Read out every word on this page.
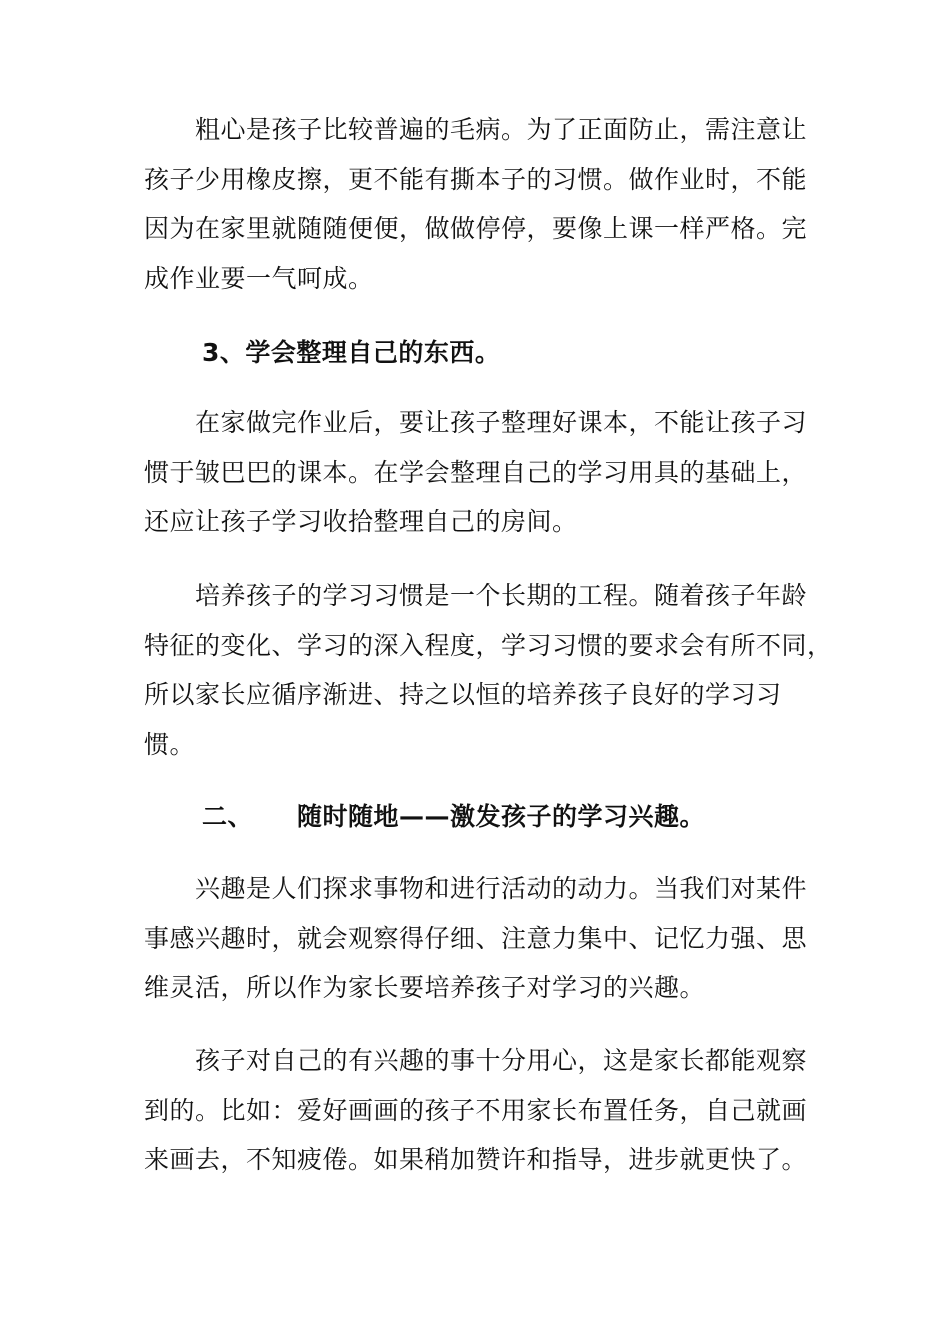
粗心是孩子比较普遍的毛病。为了正面防止，需注意让
孩子少用橡皮擦，更不能有撕本子的习惯。做作业时，不能
因为在家里就随随便便，做做停停，要像上课一样严格。完
成作业要一气呵成。
3、学会整理自己的东西。
在家做完作业后，要让孩子整理好课本，不能让孩子习
惯于皱巴巴的课本。在学会整理自己的学习用具的基础上，
还应让孩子学习收拾整理自己的房间。
培养孩子的学习习惯是一个长期的工程。随着孩子年龄
特征的变化、学习的深入程度，学习习惯的要求会有所不同，
所以家长应循序渐进、持之以恒的培养孩子良好的学习习
惯。
二、 随时随地——激发孩子的学习兴趣。
兴趣是人们探求事物和进行活动的动力。当我们对某件
事感兴趣时，就会观察得仔细、注意力集中、记忆力强、思
维灵活，所以作为家长要培养孩子对学习的兴趣。
孩子对自己的有兴趣的事十分用心，这是家长都能观察
到的。比如：爱好画画的孩子不用家长布置任务，自己就画
来画去，不知疲倦。如果稍加赞许和指导，进步就更快了。
